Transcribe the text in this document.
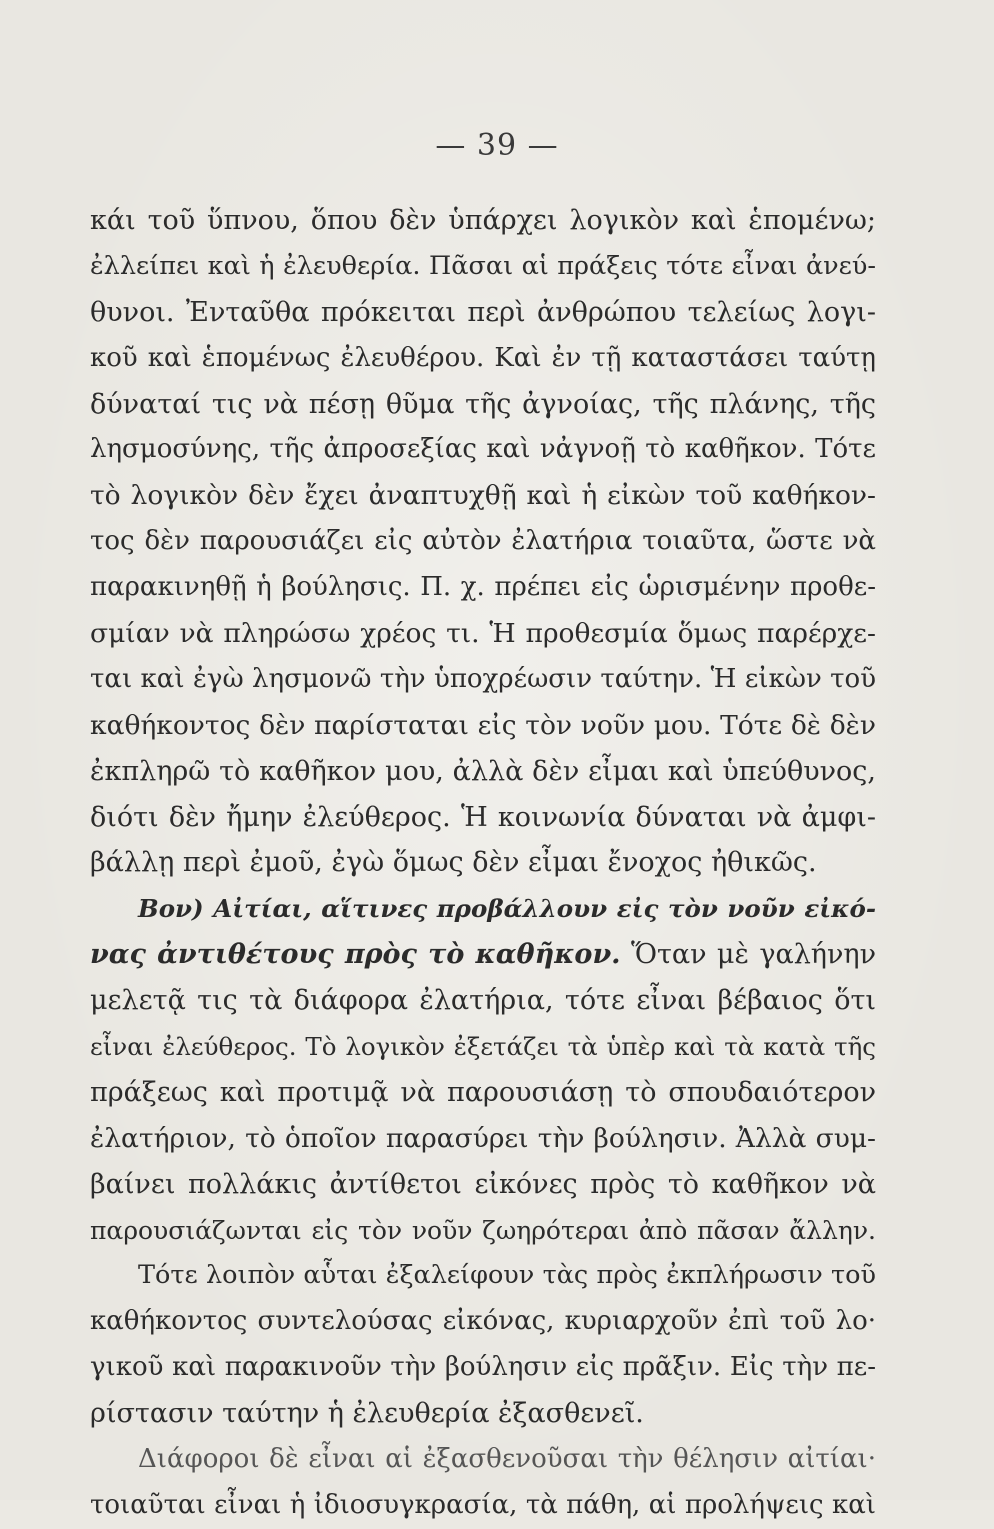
— 39 —
κάι τοῦ ὕπνου, ὅπου δὲν ὑπάρχει λογικὸν καὶ ἑπομένω;
ἐλλείπει καὶ ἡ ἐλευθερία. Πᾶσαι αἱ πράξεις τότε εἶναι ἀνεύ-
θυνοι. Ἐνταῦθα πρόκειται περὶ ἀνθρώπου τελείως λογι-
κοῦ καὶ ἑπομένως ἐλευθέρου. Καὶ ἐν τῇ καταστάσει ταύτῃ
δύναταί τις νὰ πέσῃ θῦμα τῆς ἀγνοίας, τῆς πλάνης, τῆς
λησμοσύνης, τῆς ἀπροσεξίας καὶ νἀγνοῇ τὸ καθῆκον. Τότε
τὸ λογικὸν δὲν ἔχει ἀναπτυχθῇ καὶ ἡ εἰκὼν τοῦ καθήκον-
τος δὲν παρουσιάζει εἰς αὐτὸν ἐλατήρια τοιαῦτα, ὥστε νὰ
παρακινηθῇ ἡ βούλησις. Π. χ. πρέπει εἰς ὡρισμένην προθε-
σμίαν νὰ πληρώσω χρέος τι. Ἡ προθεσμία ὅμως παρέρχε-
ται καὶ ἐγὼ λησμονῶ τὴν ὑποχρέωσιν ταύτην. Ἡ εἰκὼν τοῦ
καθήκοντος δὲν παρίσταται εἰς τὸν νοῦν μου. Τότε δὲ δὲν
ἐκπληρῶ τὸ καθῆκον μου, ἀλλὰ δὲν εἶμαι καὶ ὑπεύθυνος,
διότι δὲν ἤμην ἐλεύθερος. Ἡ κοινωνία δύναται νὰ ἀμφι-
βάλλῃ περὶ ἐμοῦ, ἐγὼ ὅμως δὲν εἶμαι ἔνοχος ἠθικῶς.
Βον) Αἰτίαι, αἵτινες προβάλλουν εἰς τὸν νοῦν εἰκό-
νας ἀντιθέτους πρὸς τὸ καθῆκον. Ὅταν μὲ γαλήνην
μελετᾷ τις τὰ διάφορα ἐλατήρια, τότε εἶναι βέβαιος ὅτι
εἶναι ἐλεύθερος. Τὸ λογικὸν ἐξετάζει τὰ ὑπὲρ καὶ τὰ κατὰ τῆς
πράξεως καὶ προτιμᾷ νὰ παρουσιάσῃ τὸ σπουδαιότερον
ἐλατήριον, τὸ ὁποῖον παρασύρει τὴν βούλησιν. Ἀλλὰ συμ-
βαίνει πολλάκις ἀντίθετοι εἰκόνες πρὸς τὸ καθῆκον νὰ
παρουσιάζωνται εἰς τὸν νοῦν ζωηρότεραι ἀπὸ πᾶσαν ἄλλην.
Τότε λοιπὸν αὗται ἐξαλείφουν τὰς πρὸς ἐκπλήρωσιν τοῦ
καθήκοντος συντελούσας εἰκόνας, κυριαρχοῦν ἐπὶ τοῦ λο·
γικοῦ καὶ παρακινοῦν τὴν βούλησιν εἰς πρᾶξιν. Εἰς τὴν πε-
ρίστασιν ταύτην ἡ ἐλευθερία ἐξασθενεῖ.
Διάφοροι δὲ εἶναι αἱ ἐξασθενοῦσαι τὴν θέλησιν αἰτίαι·
τοιαῦται εἶναι ἡ ἰδιοσυγκρασία, τὰ πάθη, αἱ προλήψεις καὶ
